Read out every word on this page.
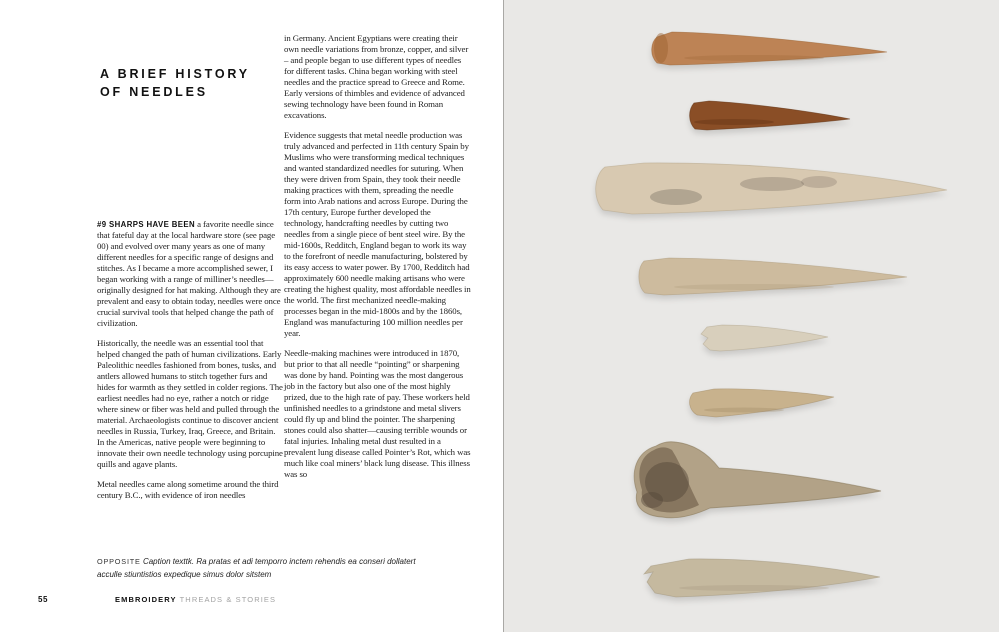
A BRIEF HISTORY
OF NEEDLES

#9 SHARPS HAVE BEEN a favorite needle since that fateful day at the local hardware store (see page 00) and evolved over many years as one of many different needles for a specific range of designs and stitches. As I became a more accomplished sewer, I began working with a range of milliner’s needles—originally designed for hat making. Although they are prevalent and easy to obtain today, needles were once crucial survival tools that helped change the path of civilization.

Historically, the needle was an essential tool that helped changed the path of human civilizations. Early Paleolithic needles fashioned from bones, tusks, and antlers allowed humans to stitch together furs and hides for warmth as they settled in colder regions. The earliest needles had no eye, rather a notch or ridge where sinew or fiber was held and pulled through the material. Archaeologists continue to discover ancient needles in Russia, Turkey, Iraq, Greece, and Britain. In the Americas, native people were beginning to innovate their own needle technology using porcupine quills and agave plants.

Metal needles came along sometime around the third century B.C., with evidence of iron needles

in Germany. Ancient Egyptians were creating their own needle variations from bronze, copper, and silver – and people began to use different types of needles for different tasks. China began working with steel needles and the practice spread to Greece and Rome. Early versions of thimbles and evidence of advanced sewing technology have been found in Roman excavations.

Evidence suggests that metal needle production was truly advanced and perfected in 11th century Spain by Muslims who were transforming medical techniques and wanted standardized needles for suturing. When they were driven from Spain, they took their needle making practices with them, spreading the needle form into Arab nations and across Europe. During the 17th century, Europe further developed the technology, handcrafting needles by cutting two needles from a single piece of bent steel wire. By the mid-1600s, Redditch, England began to work its way to the forefront of needle manufacturing, bolstered by its easy access to water power. By 1700, Redditch had approximately 600 needle making artisans who were creating the highest quality, most affordable needles in the world. The first mechanized needle-making processes began in the mid-1800s and by the 1860s, England was manufacturing 100 million needles per year.

Needle-making machines were introduced in 1870, but prior to that all needle “pointing” or sharpening was done by hand. Pointing was the most dangerous job in the factory but also one of the most highly prized, due to the high rate of pay. These workers held unfinished needles to a grindstone and metal slivers could fly up and blind the pointer. The sharpening stones could also shatter—causing terrible wounds or fatal injuries. Inhaling metal dust resulted in a prevalent lung disease called Pointer’s Rot, which was much like coal miners’ black lung disease. This illness was so

OPPOSITE Caption texttk. Ra pratas et adi temporro inctem rehendis ea conseri dollatert acculle stiuntistios expedique simus dolor sitstem
55	EMBROIDERY THREADS & STORIES
